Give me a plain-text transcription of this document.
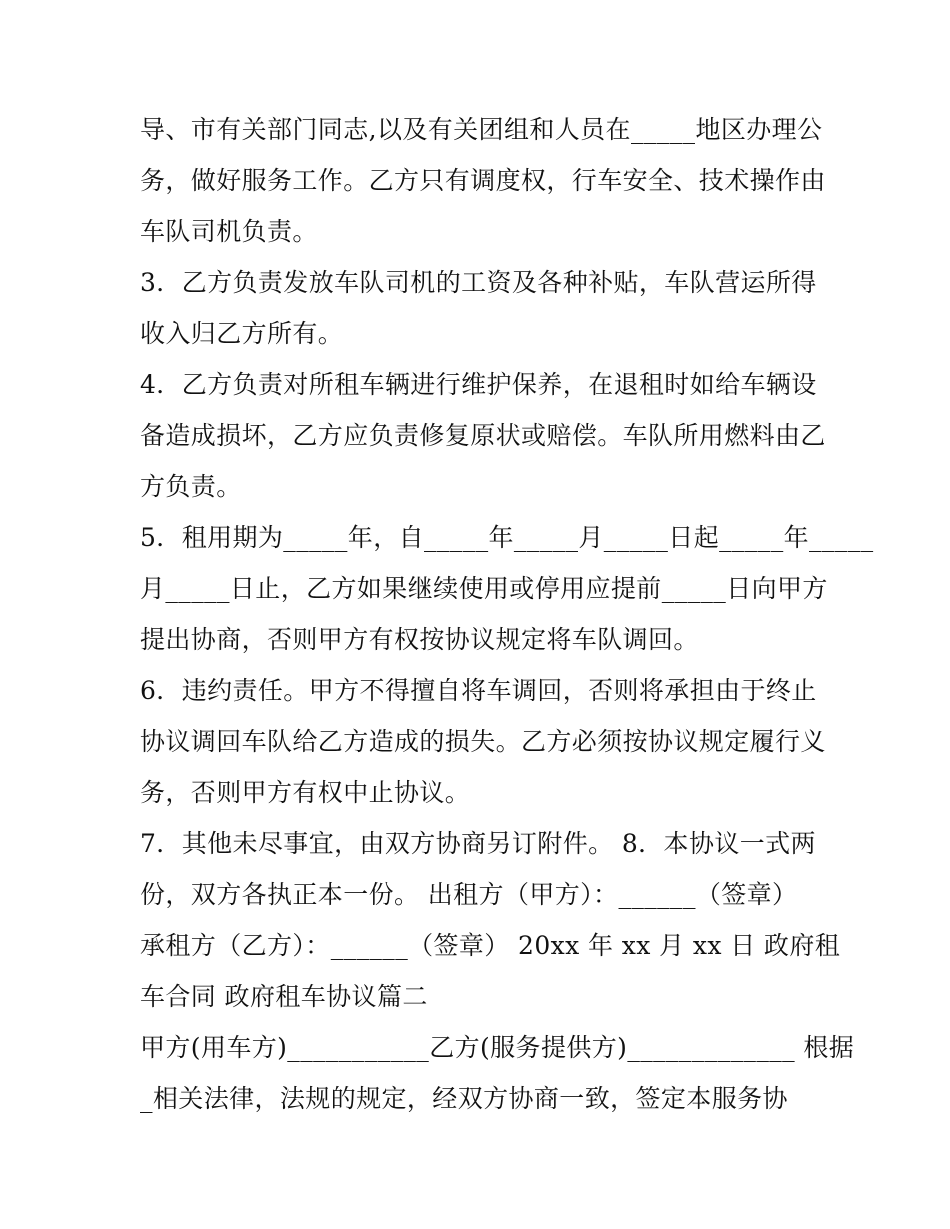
导、市有关部门同志,以及有关团组和人员在_____地区办理公
务，做好服务工作。乙方只有调度权，行车安全、技术操作由
车队司机负责。
3．乙方负责发放车队司机的工资及各种补贴，车队营运所得
收入归乙方所有。
4．乙方负责对所租车辆进行维护保养，在退租时如给车辆设
备造成损坏，乙方应负责修复原状或赔偿。车队所用燃料由乙
方负责。
5．租用期为_____年，自_____年_____月_____日起_____年_____
月_____日止，乙方如果继续使用或停用应提前_____日向甲方
提出协商，否则甲方有权按协议规定将车队调回。
6．违约责任。甲方不得擅自将车调回，否则将承担由于终止
协议调回车队给乙方造成的损失。乙方必须按协议规定履行义
务，否则甲方有权中止协议。
7．其他未尽事宜，由双方协商另订附件。 8．本协议一式两
份，双方各执正本一份。 出租方（甲方）：______（签章）
承租方（乙方）：______（签章） 20xx 年 xx 月 xx 日 政府租
车合同 政府租车协议篇二
甲方(用车方)___________乙方(服务提供方)_____________ 根据
_相关法律，法规的规定，经双方协商一致，签定本服务协
